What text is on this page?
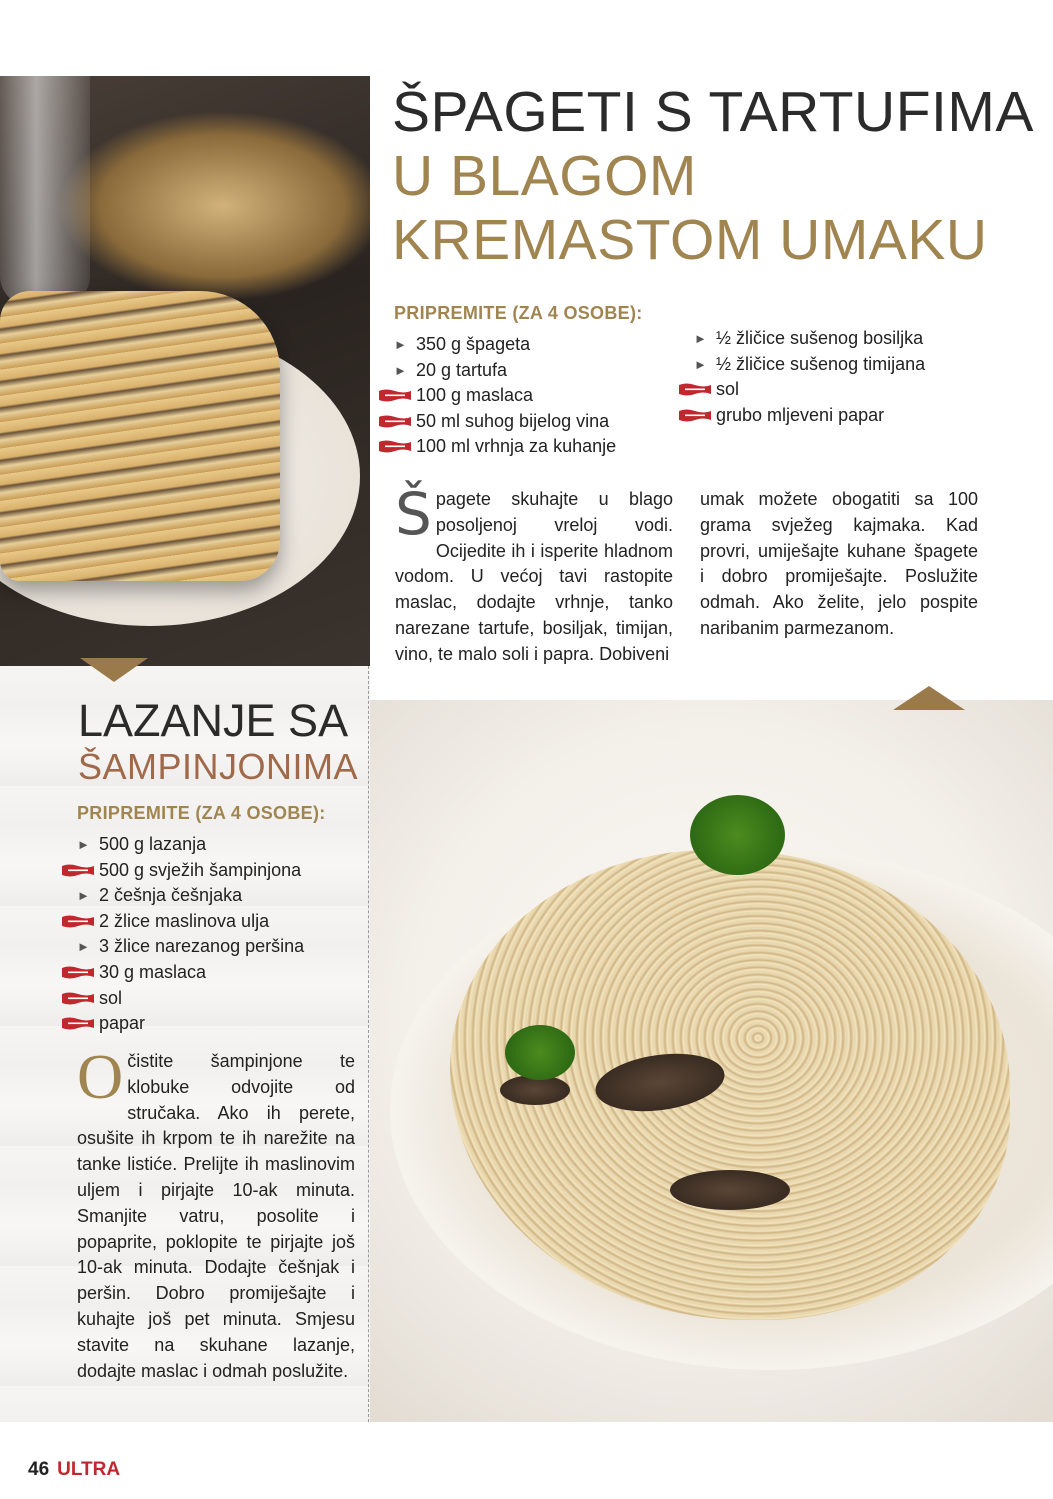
ŠPAGETI S TARTUFIMA
U BLAGOM
KREMASTOM UMAKU
PRIPREMITE (ZA 4 OSOBE):
► 350 g špageta
► 20 g tartufa
100 g maslaca
50 ml suhog bijelog vina
100 ml vrhnja za kuhanje
► ½ žličice sušenog bosiljka
► ½ žličice sušenog timijana
sol
grubo mljeveni papar
Špagete skuhajte u blago posoljenoj vreloj vodi. Ocijedite ih i isperite hladnom vodom. U većoj tavi rastopite maslac, dodajte vrhnje, tanko narezane tartufe, bosiljak, timijan, vino, te malo soli i papra. Dobiveni
umak možete obogatiti sa 100 grama svježeg kajmaka. Kad provri, umiješajte kuhane špagete i dobro promiješajte. Poslužite odmah. Ako želite, jelo pospite naribanim parmezanom.
LAZANJE SA
ŠAMPINJONIMA
PRIPREMITE (ZA 4 OSOBE):
► 500 g lazanja
500 g svježih šampinjona
► 2 češnja češnjaka
2 žlice maslinova ulja
► 3 žlice narezanog peršina
30 g maslaca
sol
papar
Očistite šampinjone te klobuke odvojite od stručaka. Ako ih perete, osušite ih krpom te ih narežite na tanke listiće. Prelijte ih maslinovim uljem i pirjajte 10-ak minuta. Smanjite vatru, posolite i popaprite, poklopite te pirjajte još 10-ak minuta. Dodajte češnjak i peršin. Dobro promiješajte i kuhajte još pet minuta. Smjesu stavite na skuhane lazanje, dodajte maslac i odmah poslužite.
46 ULTRA
